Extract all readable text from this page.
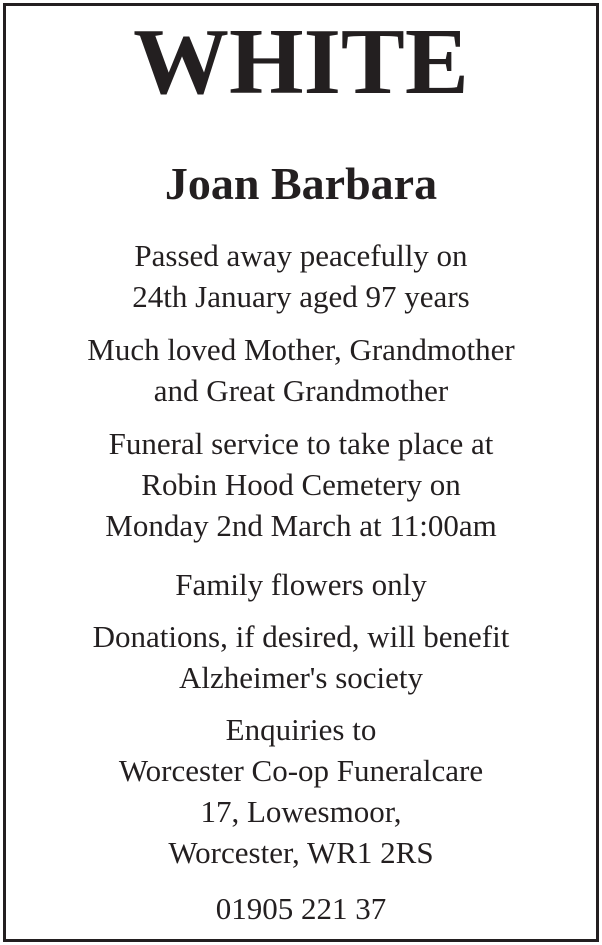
WHITE
Joan Barbara
Passed away peacefully on
24th January aged 97 years
Much loved Mother, Grandmother
and Great Grandmother
Funeral service to take place at
Robin Hood Cemetery on
Monday 2nd March at 11:00am
Family flowers only
Donations, if desired, will benefit
Alzheimer's society
Enquiries to
Worcester Co-op Funeralcare
17, Lowesmoor,
Worcester, WR1 2RS
01905 221 37
